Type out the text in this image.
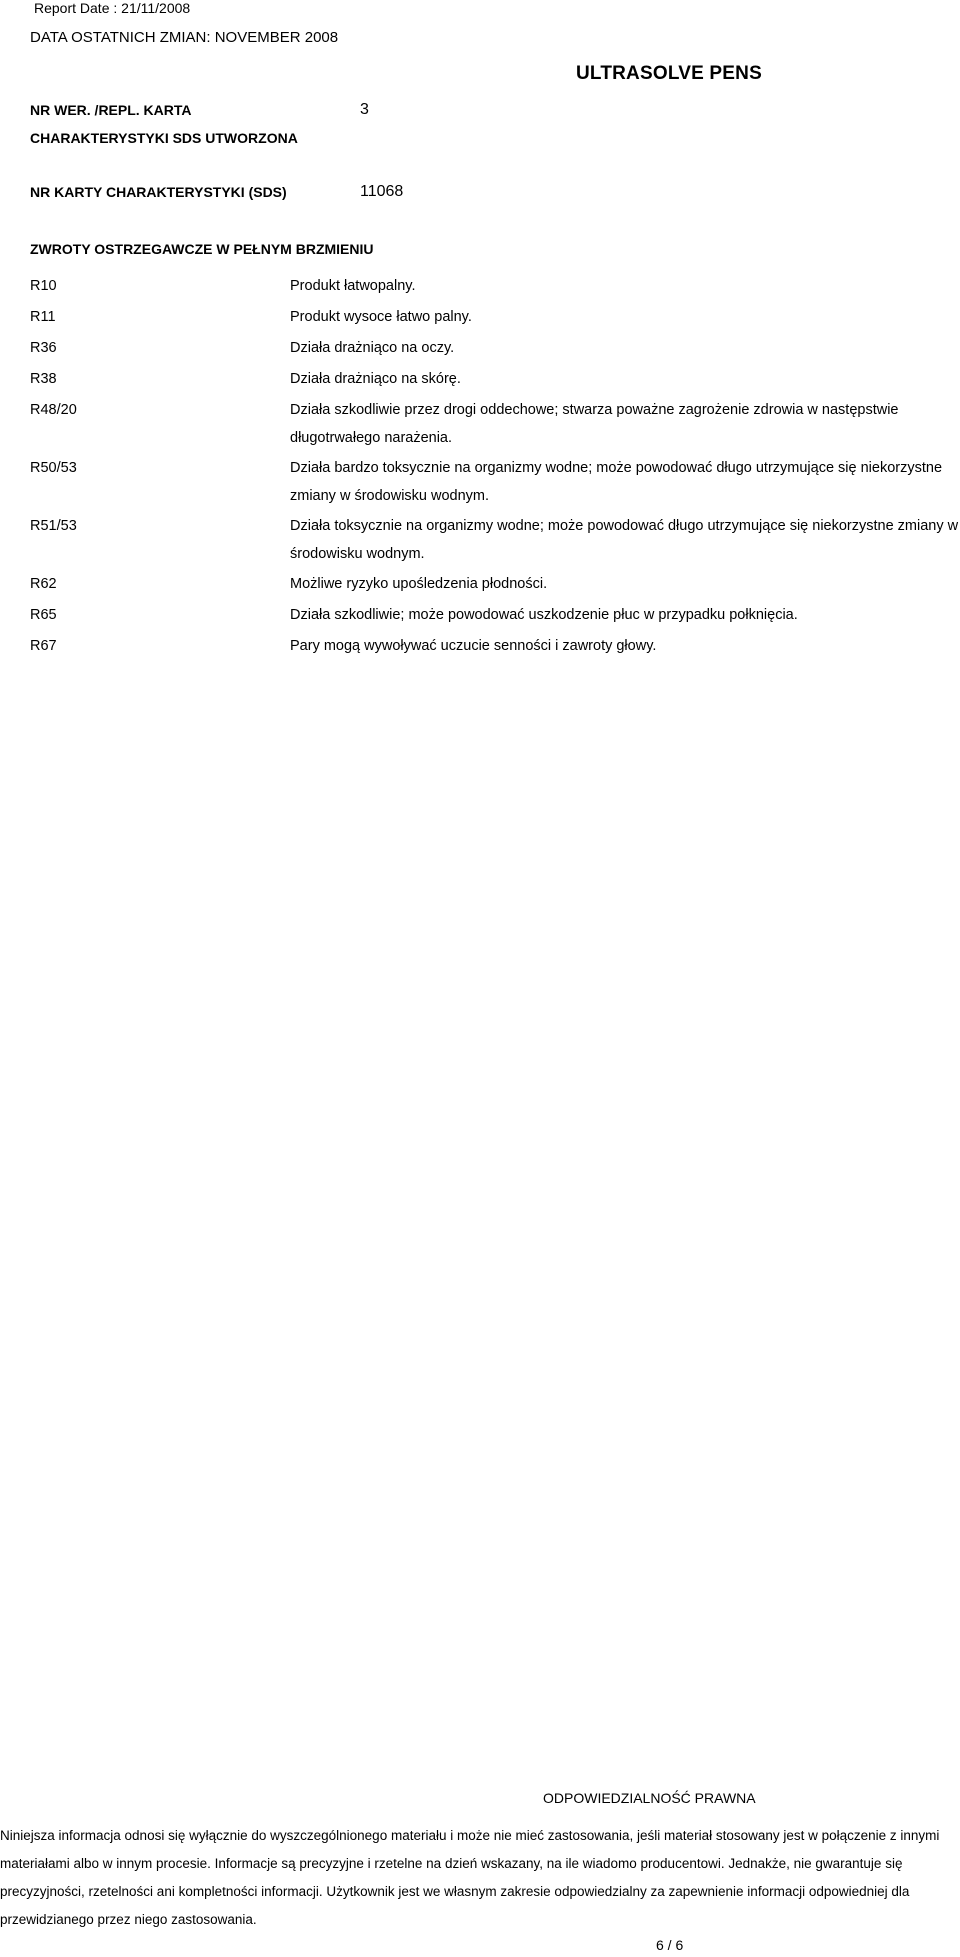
Report Date : 21/11/2008
DATA OSTATNICH ZMIAN: NOVEMBER 2008
ULTRASOLVE PENS
NR WER. /REPL. KARTA CHARAKTERYSTYKI SDS UTWORZONA
3
NR KARTY CHARAKTERYSTYKI (SDS)	11068
ZWROTY OSTRZEGAWCZE W PEŁNYM BRZMIENIU
R10	Produkt łatwopalny.
R11	Produkt wysoce łatwo palny.
R36	Działa drażniąco na oczy.
R38	Działa drażniąco na skórę.
R48/20	Działa szkodliwie przez drogi oddechowe; stwarza poważne zagrożenie zdrowia w następstwie długotrwałego narażenia.
R50/53	Działa bardzo toksycznie na organizmy wodne; może powodować długo utrzymujące się niekorzystne zmiany w środowisku wodnym.
R51/53	Działa toksycznie na organizmy wodne; może powodować długo utrzymujące się niekorzystne zmiany w środowisku wodnym.
R62	Możliwe ryzyko upośledzenia płodności.
R65	Działa szkodliwie; może powodować uszkodzenie płuc w przypadku połknięcia.
R67	Pary mogą wywoływać uczucie senności i zawroty głowy.
ODPOWIEDZIALNOŚĆ PRAWNA
Niniejsza informacja odnosi się wyłącznie do wyszczególnionego materiału i może nie mieć zastosowania, jeśli materiał stosowany jest w połączenie z innymi materiałami albo w innym procesie. Informacje są precyzyjne i rzetelne na dzień wskazany, na ile wiadomo producentowi. Jednakże, nie gwarantuje się precyzyjności, rzetelności ani kompletności informacji. Użytkownik jest we własnym zakresie odpowiedzialny za zapewnienie informacji odpowiedniej dla przewidzianego przez niego zastosowania.
6 / 6
